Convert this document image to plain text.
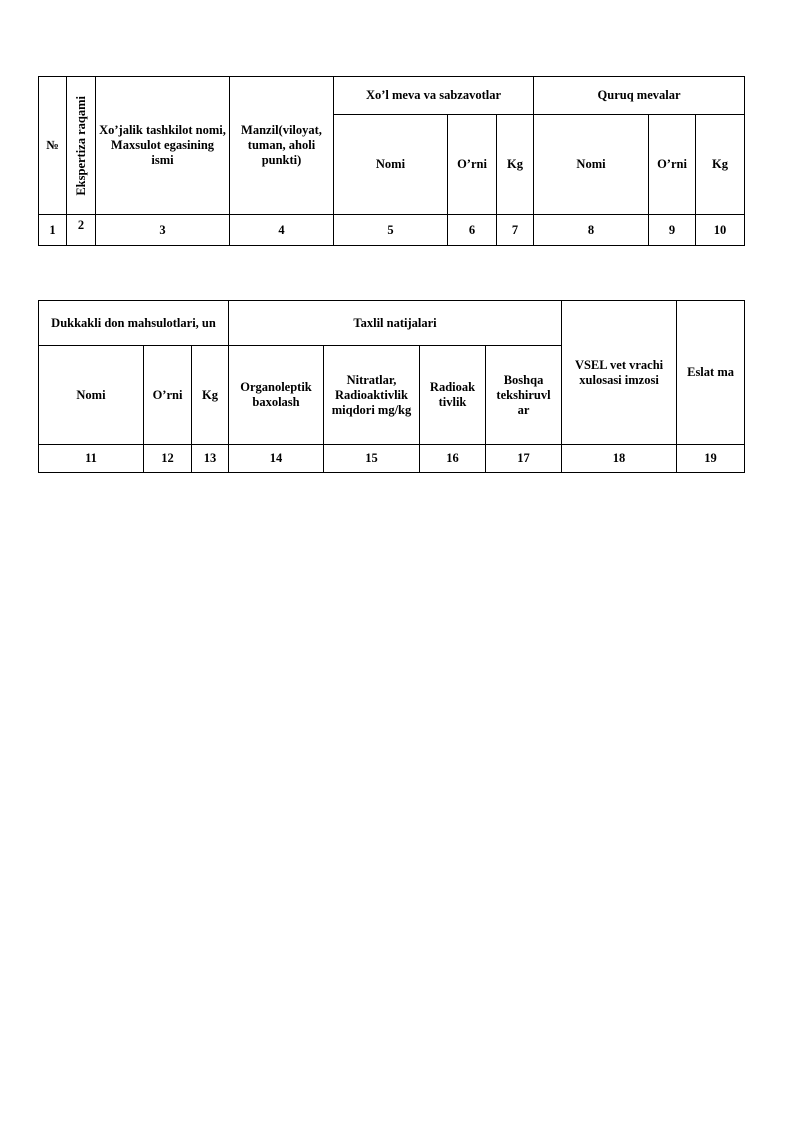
№	Ekspertiza raqami	Xo’jalik tashkilot nomi, Maxsulot egasining ismi	Manzil(viloyat, tuman, aholi punkti)	Xo’l meva va sabzavotlar			Quruq mevalar		
				Nomi	O’rni	Kg	Nomi	O’rni	Kg
1	2	3	4	5	6	7	8	9	10
Dukkakli don mahsulotlari, un			Taxlil natijalari				VSEL vet vrachi xulosasi imzosi	Eslat ma
Nomi	O’rni	Kg	Organoleptik baxolash	Nitratlar, Radioaktivlik miqdori mg/kg	Radioak tivlik	Boshqa tekshiruvl ar		
11	12	13	14	15	16	17	18	19
